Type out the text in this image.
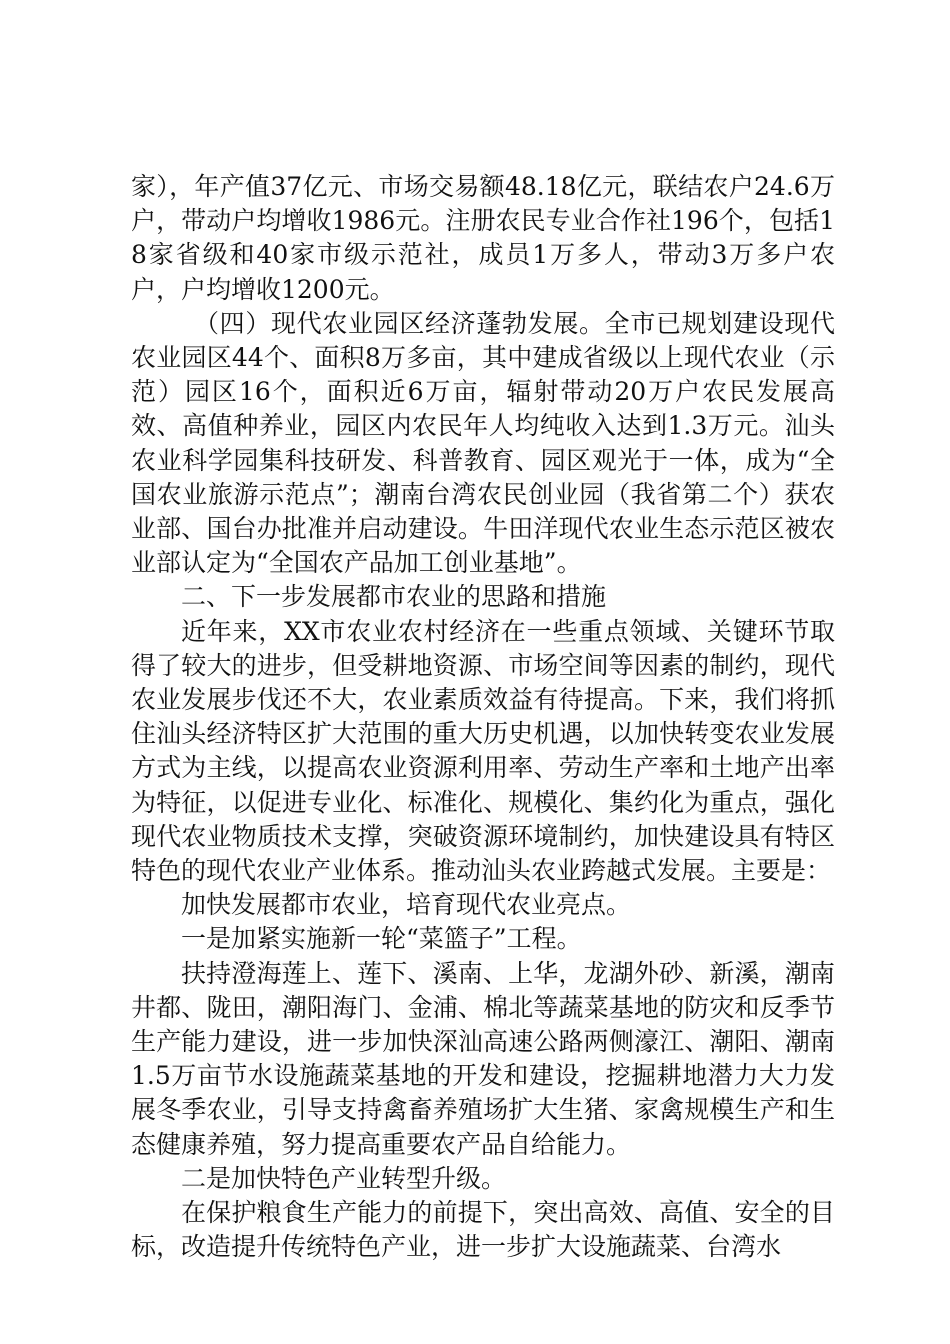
家），年产值37亿元、市场交易额48.18亿元，联结农户24.6万户，带动户均增收1986元。注册农民专业合作社196个，包括18家省级和40家市级示范社，成员1万多人，带动3万多户农户，户均增收1200元。

（四）现代农业园区经济蓬勃发展。全市已规划建设现代农业园区44个、面积8万多亩，其中建成省级以上现代农业（示范）园区16个，面积近6万亩，辐射带动20万户农民发展高效、高值种养业，园区内农民年人均纯收入达到1.3万元。汕头农业科学园集科技研发、科普教育、园区观光于一体，成为“全国农业旅游示范点”；潮南台湾农民创业园（我省第二个）获农业部、国台办批准并启动建设。牛田洋现代农业生态示范区被农业部认定为“全国农产品加工创业基地”。

二、下一步发展都市农业的思路和措施

近年来，XX市农业农村经济在一些重点领域、关键环节取得了较大的进步，但受耕地资源、市场空间等因素的制约，现代农业发展步伐还不大，农业素质效益有待提高。下来，我们将抓住汕头经济特区扩大范围的重大历史机遇，以加快转变农业发展方式为主线，以提高农业资源利用率、劳动生产率和土地产出率为特征，以促进专业化、标准化、规模化、集约化为重点，强化现代农业物质技术支撑，突破资源环境制约，加快建设具有特区特色的现代农业产业体系。推动汕头农业跨越式发展。主要是：

加快发展都市农业，培育现代农业亮点。

一是加紧实施新一轮“菜篮子”工程。

扶持澄海莲上、莲下、溪南、上华，龙湖外砂、新溪，潮南井都、陇田，潮阳海门、金浦、棉北等蔬菜基地的防灾和反季节生产能力建设，进一步加快深汕高速公路两侧濠江、潮阳、潮南1.5万亩节水设施蔬菜基地的开发和建设，挖掘耕地潜力大力发展冬季农业，引导支持禽畜养殖场扩大生猪、家禽规模生产和生态健康养殖，努力提高重要农产品自给能力。

二是加快特色产业转型升级。

在保护粮食生产能力的前提下，突出高效、高值、安全的目标，改造提升传统特色产业，进一步扩大设施蔬菜、台湾水
